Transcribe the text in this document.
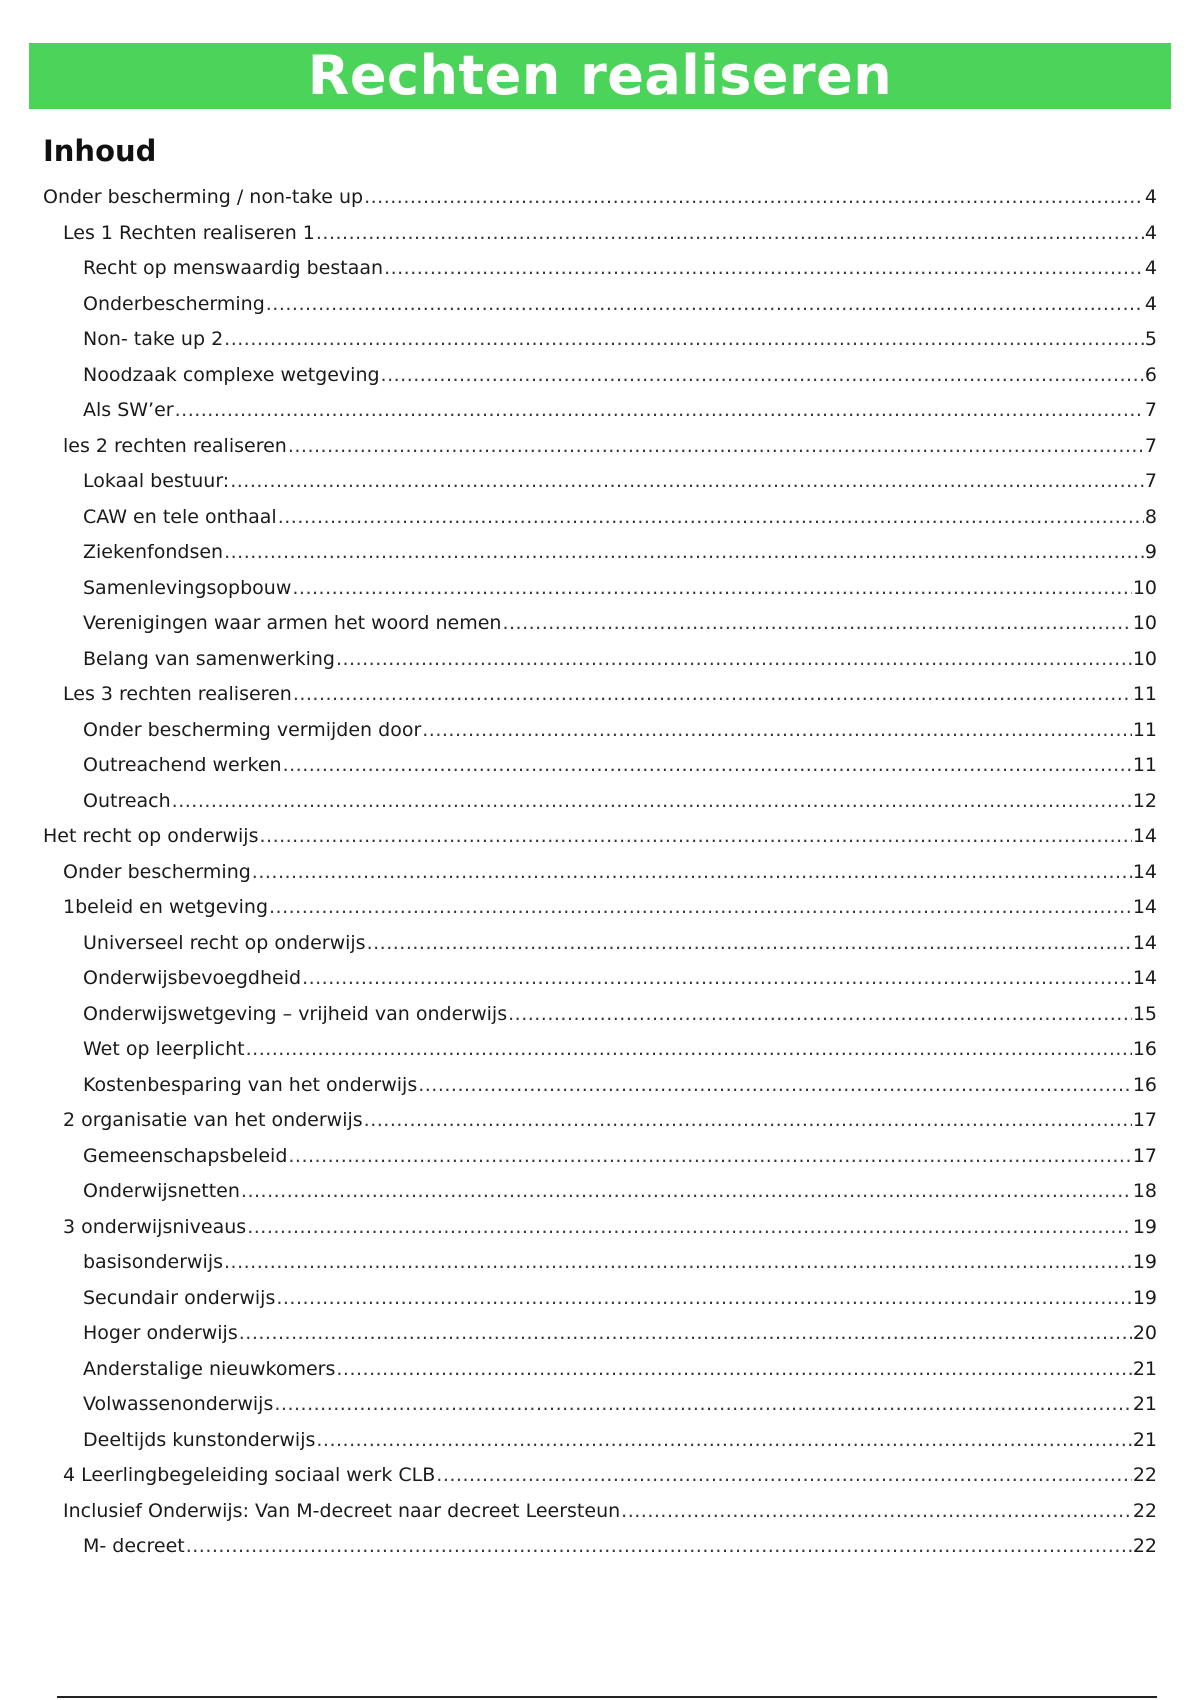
Rechten realiseren
Inhoud
Onder bescherming / non-take up .....	4
Les 1 Rechten realiseren 1 .....	4
Recht op menswaardig bestaan .....	4
Onderbescherming .....	4
Non- take up 2 .....	5
Noodzaak complexe wetgeving .....	6
Als SW’er .....	7
les 2 rechten realiseren .....	7
Lokaal bestuur: .....	7
CAW en tele onthaal .....	8
Ziekenfondsen .....	9
Samenlevingsopbouw .....	10
Verenigingen waar armen het woord nemen .....	10
Belang van samenwerking .....	10
Les 3 rechten realiseren .....	11
Onder bescherming vermijden door .....	11
Outreachend werken .....	11
Outreach .....	12
Het recht op onderwijs .....	14
Onder bescherming .....	14
1beleid en wetgeving .....	14
Universeel recht op onderwijs .....	14
Onderwijsbevoegdheid .....	14
Onderwijswetgeving – vrijheid van onderwijs .....	15
Wet op leerplicht .....	16
Kostenbesparing van het onderwijs .....	16
2 organisatie van het onderwijs .....	17
Gemeenschapsbeleid .....	17
Onderwijsnetten .....	18
3 onderwijsniveaus .....	19
basisonderwijs .....	19
Secundair onderwijs .....	19
Hoger onderwijs .....	20
Anderstalige nieuwkomers .....	21
Volwassenonderwijs .....	21
Deeltijds kunstonderwijs .....	21
4 Leerlingbegeleiding sociaal werk CLB .....	22
Inclusief Onderwijs: Van M-decreet naar decreet Leersteun .....	22
M- decreet .....	22
